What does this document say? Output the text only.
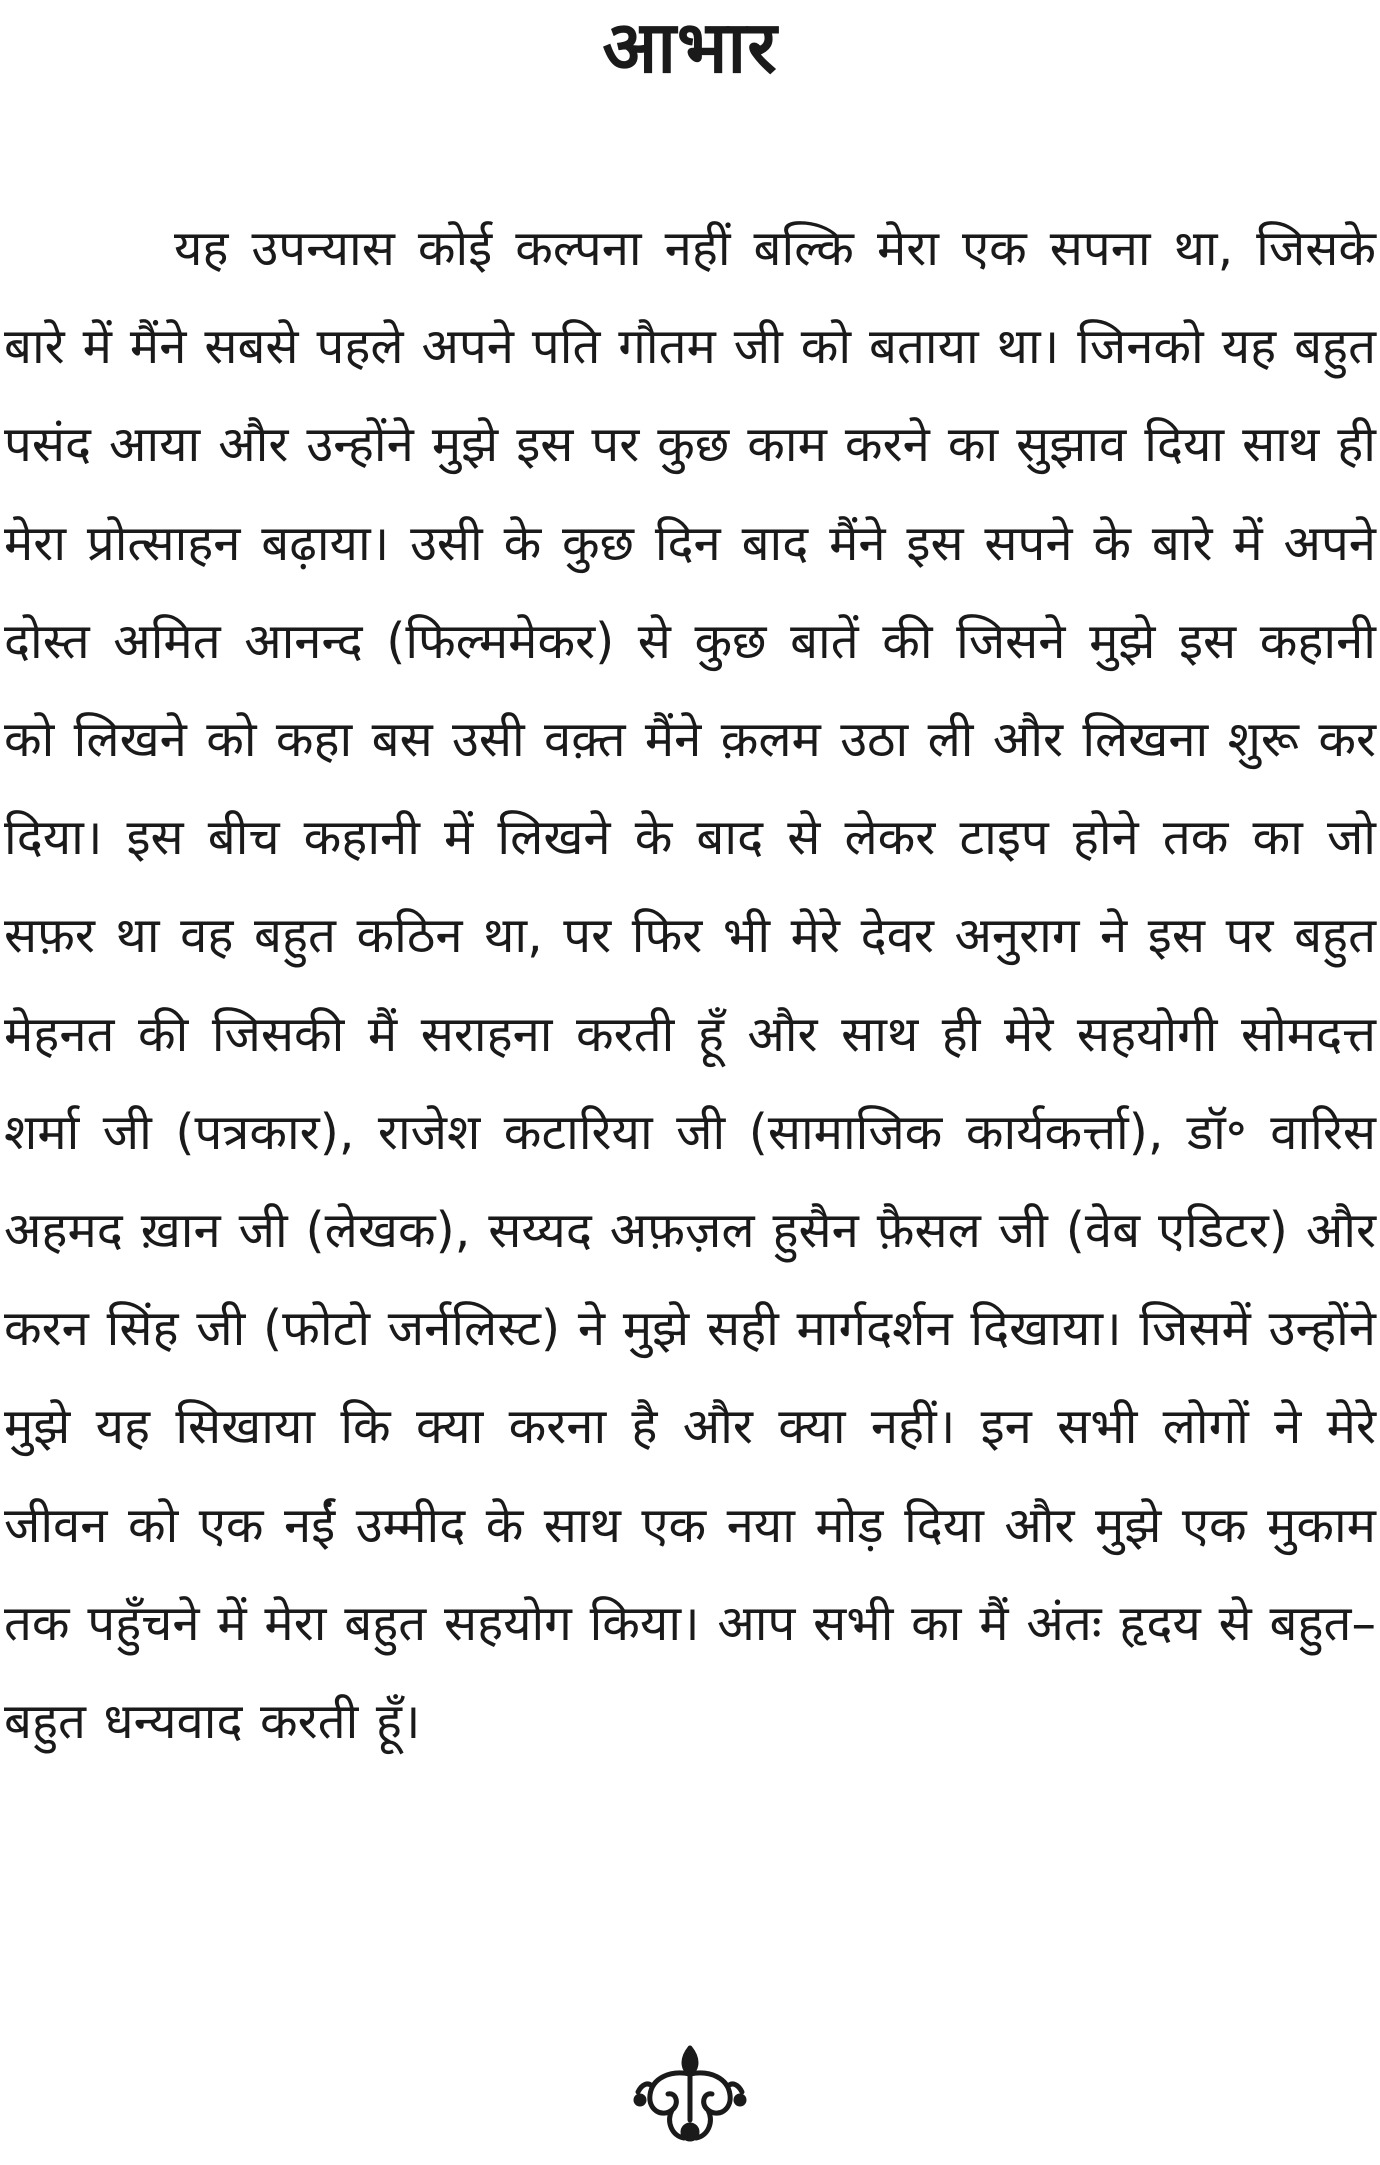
आभार

यह उपन्यास कोई कल्पना नहीं बल्कि मेरा एक सपना था, जिसके बारे में मैंने सबसे पहले अपने पति गौतम जी को बताया था। जिनको यह बहुत पसंद आया और उन्होंने मुझे इस पर कुछ काम करने का सुझाव दिया साथ ही मेरा प्रोत्साहन बढ़ाया। उसी के कुछ दिन बाद मैंने इस सपने के बारे में अपने दोस्त अमित आनन्द (फिल्ममेकर) से कुछ बातें की जिसने मुझे इस कहानी को लिखने को कहा बस उसी वक़्त मैंने क़लम उठा ली और लिखना शुरू कर दिया। इस बीच कहानी में लिखने के बाद से लेकर टाइप होने तक का जो सफ़र था वह बहुत कठिन था, पर फिर भी मेरे देवर अनुराग ने इस पर बहुत मेहनत की जिसकी मैं सराहना करती हूँ और साथ ही मेरे सहयोगी सोमदत्त शर्मा जी (पत्रकार), राजेश कटारिया जी (सामाजिक कार्यकर्त्ता), डॉ॰ वारिस अहमद ख़ान जी (लेखक), सय्यद अफ़ज़ल हुसैन फ़ैसल जी (वेब एडिटर) और करन सिंह जी (फोटो जर्नलिस्ट) ने मुझे सही मार्गदर्शन दिखाया। जिसमें उन्होंने मुझे यह सिखाया कि क्या करना है और क्या नहीं। इन सभी लोगों ने मेरे जीवन को एक नईं उम्मीद के साथ एक नया मोड़ दिया और मुझे एक मुकाम तक पहुँचने में मेरा बहुत सहयोग किया। आप सभी का मैं अंतः हृदय से बहुत–बहुत धन्यवाद करती हूँ।
